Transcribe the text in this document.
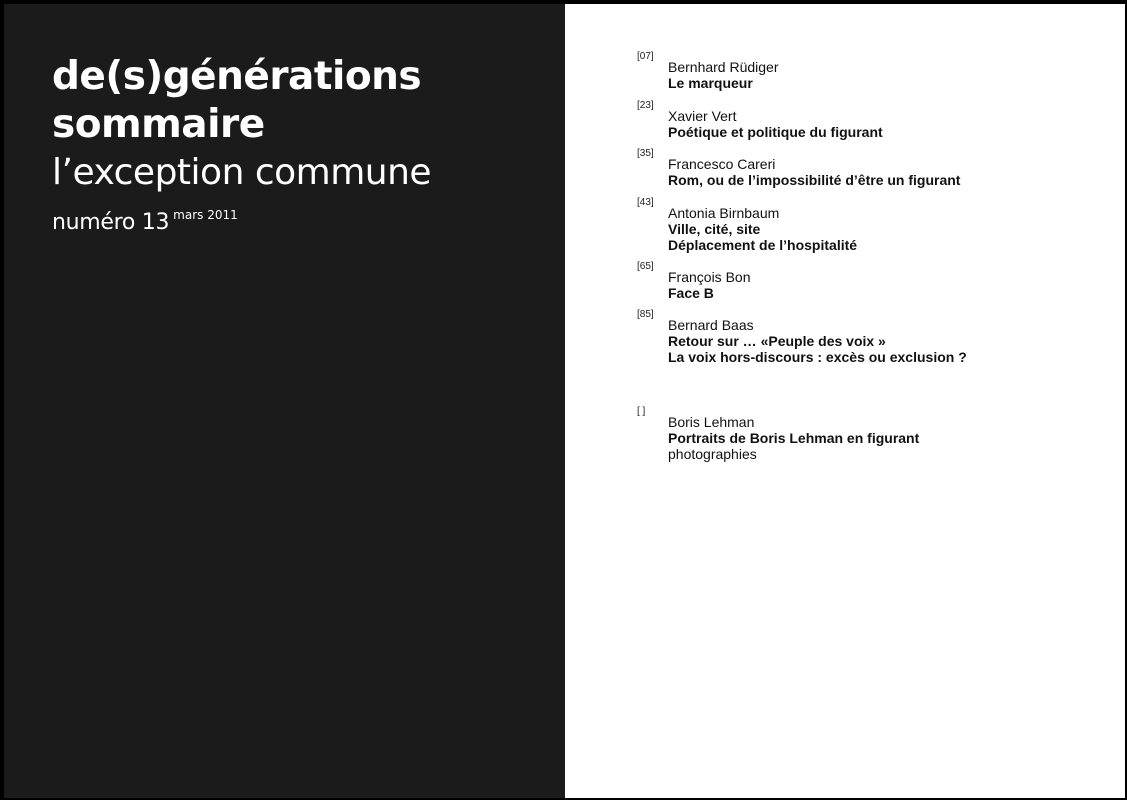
de(s)générations
sommaire
l’exception commune
numéro 13 $^{mars 2011}$
[07]
Bernhard Rüdiger
Le marqueur
[23]
Xavier Vert
Poétique et politique du figurant
[35]
Francesco Careri
Rom, ou de l’impossibilité d’être un figurant
[43]
Antonia Birnbaum
Ville, cité, site
Déplacement de l’hospitalité
[65]
François Bon
Face B
[85]
Bernard Baas
Retour sur … «Peuple des voix »
La voix hors-discours : excès ou exclusion ?
[ ]
Boris Lehman
Portraits de Boris Lehman en figurant
photographies
